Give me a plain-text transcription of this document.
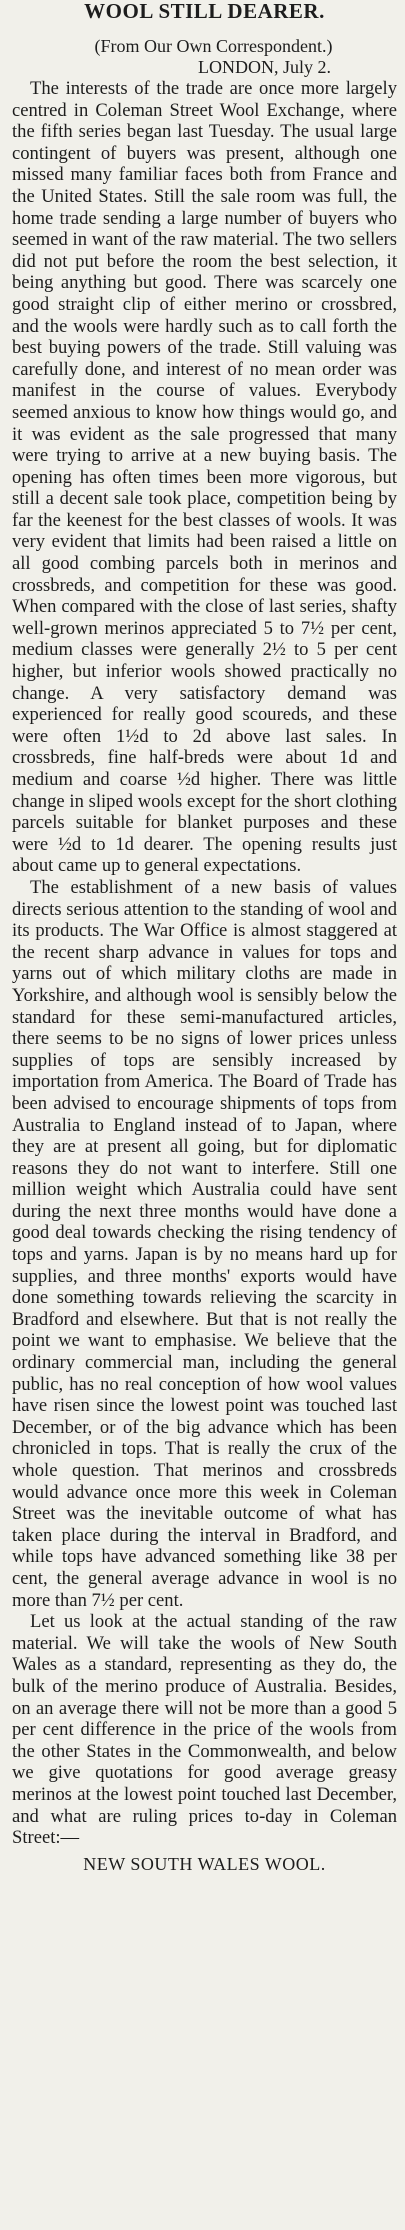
WOOL STILL DEARER.
(From Our Own Correspondent.)
LONDON, July 2.

The interests of the trade are once more largely centred in Coleman Street Wool Exchange, where the fifth series began last Tuesday. The usual large contingent of buyers was present, although one missed many familiar faces both from France and the United States. Still the sale room was full, the home trade sending a large number of buyers who seemed in want of the raw material. The two sellers did not put before the room the best selection, it being anything but good. There was scarcely one good straight clip of either merino or crossbred, and the wools were hardly such as to call forth the best buying powers of the trade. Still valuing was carefully done, and interest of no mean order was manifest in the course of values. Everybody seemed anxious to know how things would go, and it was evident as the sale progressed that many were trying to arrive at a new buying basis. The opening has often times been more vigorous, but still a decent sale took place, competition being by far the keenest for the best classes of wools. It was very evident that limits had been raised a little on all good combing parcels both in merinos and crossbreds, and competition for these was good. When compared with the close of last series, shafty well-grown merinos appreciated 5 to 7½ per cent, medium classes were generally 2½ to 5 per cent higher, but inferior wools showed practically no change. A very satisfactory demand was experienced for really good scoureds, and these were often 1½d to 2d above last sales. In crossbreds, fine half-breds were about 1d and medium and coarse ½d higher. There was little change in sliped wools except for the short clothing parcels suitable for blanket purposes and these were ½d to 1d dearer. The opening results just about came up to general expectations.

The establishment of a new basis of values directs serious attention to the standing of wool and its products. The War Office is almost staggered at the recent sharp advance in values for tops and yarns out of which military cloths are made in Yorkshire, and although wool is sensibly below the standard for these semi-manufactured articles, there seems to be no signs of lower prices unless supplies of tops are sensibly increased by importation from America. The Board of Trade has been advised to encourage shipments of tops from Australia to England instead of to Japan, where they are at present all going, but for diplomatic reasons they do not want to interfere. Still one million weight which Australia could have sent during the next three months would have done a good deal towards checking the rising tendency of tops and yarns. Japan is by no means hard up for supplies, and three months' exports would have done something towards relieving the scarcity in Bradford and elsewhere. But that is not really the point we want to emphasise. We believe that the ordinary commercial man, including the general public, has no real conception of how wool values have risen since the lowest point was touched last December, or of the big advance which has been chronicled in tops. That is really the crux of the whole question. That merinos and crossbreds would advance once more this week in Coleman Street was the inevitable outcome of what has taken place during the interval in Bradford, and while tops have advanced something like 38 per cent, the general average advance in wool is no more than 7½ per cent.

Let us look at the actual standing of the raw material. We will take the wools of New South Wales as a standard, representing as they do, the bulk of the merino produce of Australia. Besides, on an average there will not be more than a good 5 per cent difference in the price of the wools from the other States in the Commonwealth, and below we give quotations for good average greasy merinos at the lowest point touched last December, and what are ruling prices to-day in Coleman Street:—

NEW SOUTH WALES WOOL.
